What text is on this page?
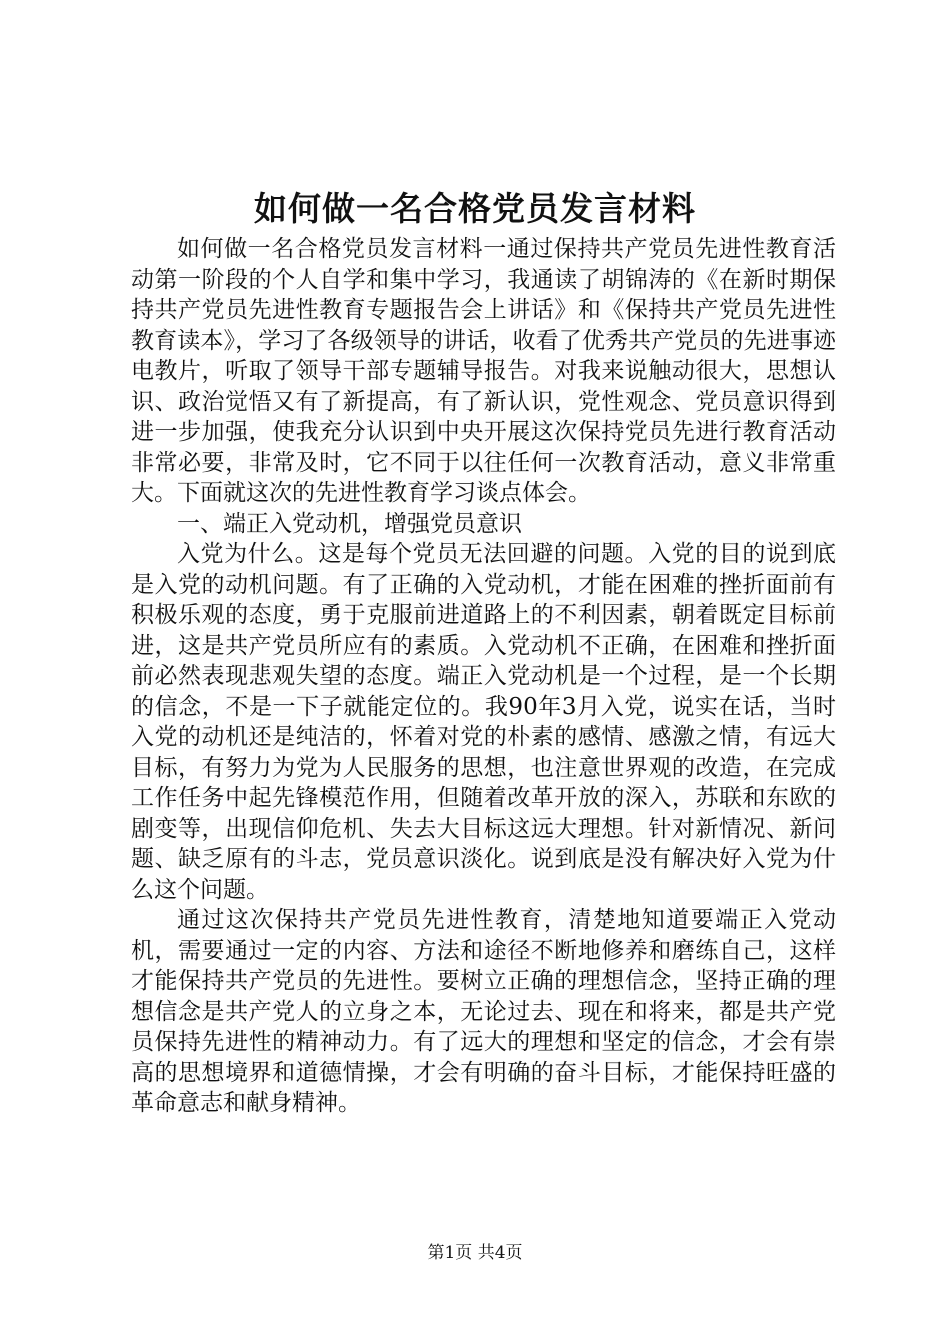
如何做一名合格党员发言材料

如何做一名合格党员发言材料一通过保持共产党员先进性教育活动第一阶段的个人自学和集中学习，我通读了胡锦涛的《在新时期保持共产党员先进性教育专题报告会上讲话》和《保持共产党员先进性教育读本》，学习了各级领导的讲话，收看了优秀共产党员的先进事迹电教片，听取了领导干部专题辅导报告。对我来说触动很大，思想认识、政治觉悟又有了新提高，有了新认识，党性观念、党员意识得到进一步加强，使我充分认识到中央开展这次保持党员先进行教育活动非常必要，非常及时，它不同于以往任何一次教育活动，意义非常重大。下面就这次的先进性教育学习谈点体会。

一、端正入党动机，增强党员意识

入党为什么。这是每个党员无法回避的问题。入党的目的说到底是入党的动机问题。有了正确的入党动机，才能在困难的挫折面前有积极乐观的态度，勇于克服前进道路上的不利因素，朝着既定目标前进，这是共产党员所应有的素质。入党动机不正确，在困难和挫折面前必然表现悲观失望的态度。端正入党动机是一个过程，是一个长期的信念，不是一下子就能定位的。我90年3月入党，说实在话，当时入党的动机还是纯洁的，怀着对党的朴素的感情、感激之情，有远大目标，有努力为党为人民服务的思想，也注意世界观的改造，在完成工作任务中起先锋模范作用，但随着改革开放的深入，苏联和东欧的剧变等，出现信仰危机、失去大目标这远大理想。针对新情况、新问题、缺乏原有的斗志，党员意识淡化。说到底是没有解决好入党为什么这个问题。

通过这次保持共产党员先进性教育，清楚地知道要端正入党动机，需要通过一定的内容、方法和途径不断地修养和磨练自己，这样才能保持共产党员的先进性。要树立正确的理想信念，坚持正确的理想信念是共产党人的立身之本，无论过去、现在和将来，都是共产党员保持先进性的精神动力。有了远大的理想和坚定的信念，才会有崇高的思想境界和道德情操，才会有明确的奋斗目标，才能保持旺盛的革命意志和献身精神。

第1页 共4页
